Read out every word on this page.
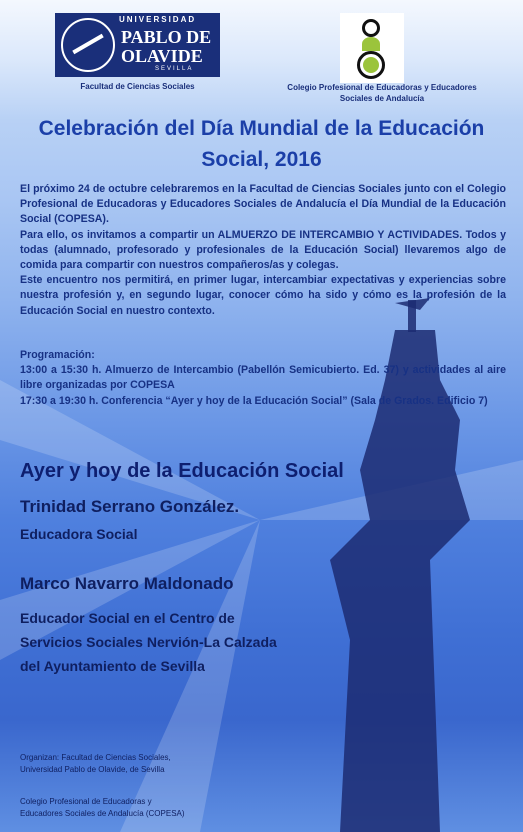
UNIVERSIDAD
PABLO DE
OLAVIDE
SEVILLA
Facultad de Ciencias Sociales	Colegio Profesional de Educadoras y Educadores Sociales de Andalucía
Celebración del Día Mundial de la Educación Social, 2016

El próximo 24 de octubre celebraremos en la Facultad de Ciencias Sociales junto con el Colegio Profesional de Educadoras y Educadores Sociales de Andalucía el Día Mundial de la Educación Social (COPESA).

Para ello, os invitamos a compartir un ALMUERZO DE INTERCAMBIO Y ACTIVIDADES. Todos y todas (alumnado, profesorado y profesionales de la Educación Social) llevaremos algo de comida para compartir con nuestros compañeros/as y colegas.

Este encuentro nos permitirá, en primer lugar, intercambiar expectativas y experiencias sobre nuestra profesión y, en segundo lugar, conocer cómo ha sido y cómo es la profesión de la Educación Social en nuestro contexto.

Programación:

13:00 a 15:30 h. Almuerzo de Intercambio (Pabellón Semicubierto. Ed. 37) y actividades al aire libre organizadas por COPESA

17:30 a 19:30 h. Conferencia “Ayer y hoy de la Educación Social” (Sala de Grados. Edificio 7)

Ayer y hoy de la Educación Social
Trinidad Serrano González.
Educadora Social
Marco Navarro Maldonado
Educador Social en el Centro de
Servicios Sociales Nervión-La Calzada
del Ayuntamiento de Sevilla
Organizan: Facultad de Ciencias Sociales,
Universidad Pablo de Olavide, de Sevilla
Colegio Profesional de Educadoras y
Educadores Sociales de Andalucía (COPESA)
